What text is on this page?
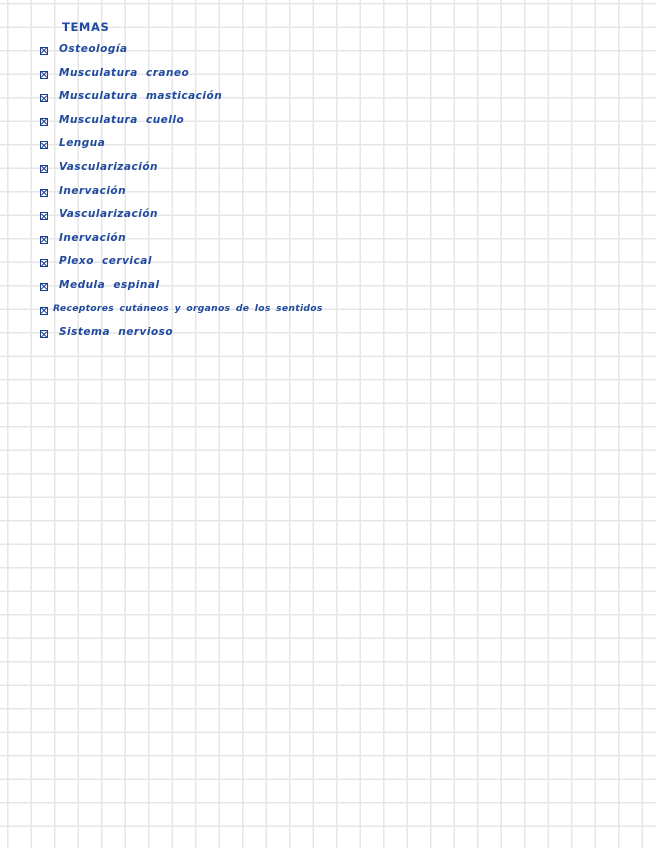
TEMAS
Osteología
Musculatura craneo
Musculatura masticación
Musculatura cuello
Lengua
Vascularización
Inervación
Vascularización
Inervación
Plexo cervical
Medula espinal
Receptores cutáneos y organos de los sentidos
Sistema nervioso
